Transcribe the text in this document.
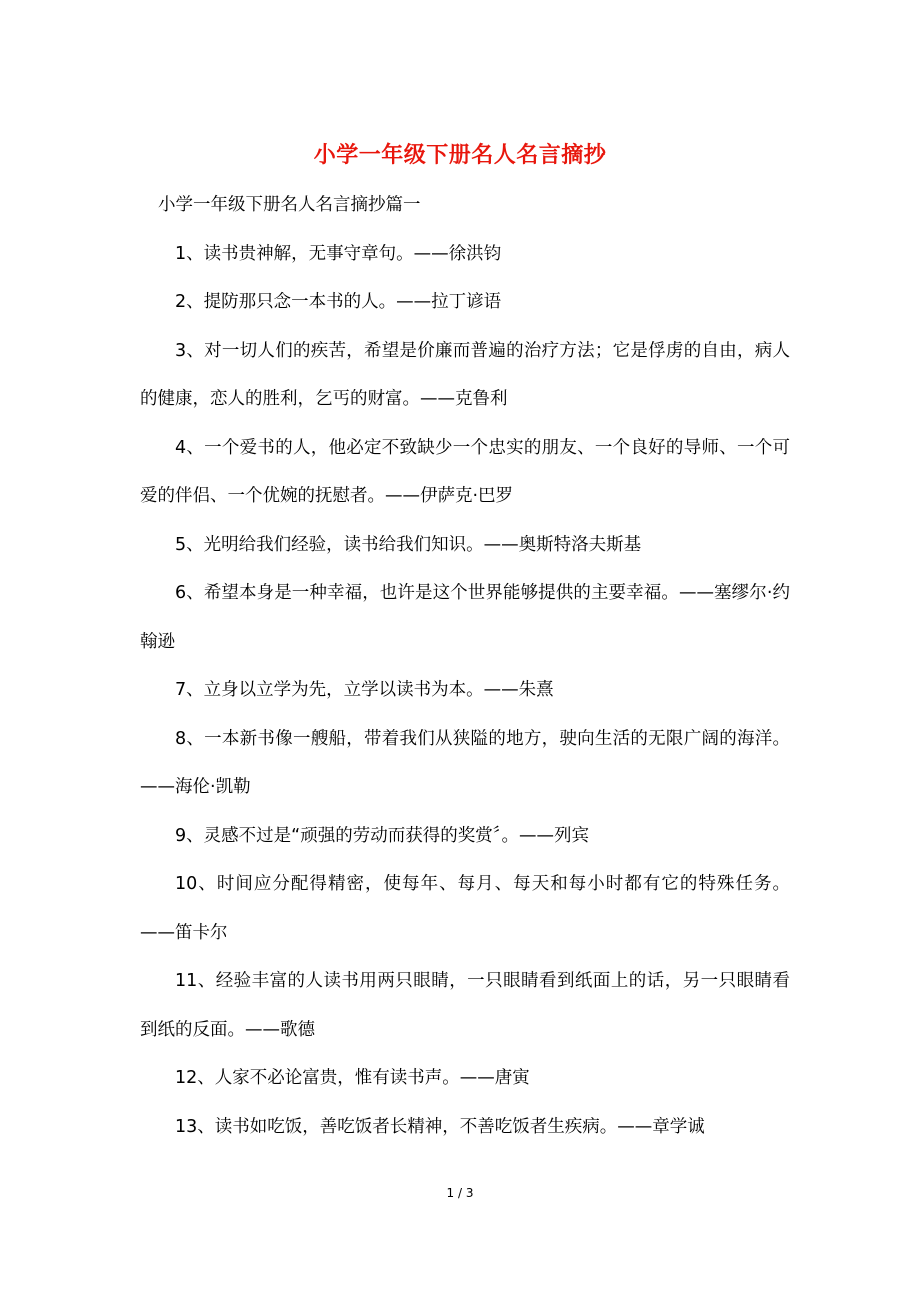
小学一年级下册名人名言摘抄

小学一年级下册名人名言摘抄篇一

1、读书贵神解，无事守章句。——徐洪钧

2、提防那只念一本书的人。——拉丁谚语

3、对一切人们的疾苦，希望是价廉而普遍的治疗方法；它是俘虏的自由，病人的健康，恋人的胜利，乞丐的财富。——克鲁利

4、一个爱书的人，他必定不致缺少一个忠实的朋友、一个良好的导师、一个可爱的伴侣、一个优婉的抚慰者。——伊萨克·巴罗

5、光明给我们经验，读书给我们知识。——奥斯特洛夫斯基

6、希望本身是一种幸福，也许是这个世界能够提供的主要幸福。——塞缪尔·约翰逊

7、立身以立学为先，立学以读书为本。——朱熹

8、一本新书像一艘船，带着我们从狭隘的地方，驶向生活的无限广阔的海洋。——海伦·凯勒

9、灵感不过是“顽强的劳动而获得的奖赏〞。——列宾

10、时间应分配得精密，使每年、每月、每天和每小时都有它的特殊任务。——笛卡尔

11、经验丰富的人读书用两只眼睛，一只眼睛看到纸面上的话，另一只眼睛看到纸的反面。——歌德

12、人家不必论富贵，惟有读书声。——唐寅

13、读书如吃饭，善吃饭者长精神，不善吃饭者生疾病。——章学诚

1 / 3
